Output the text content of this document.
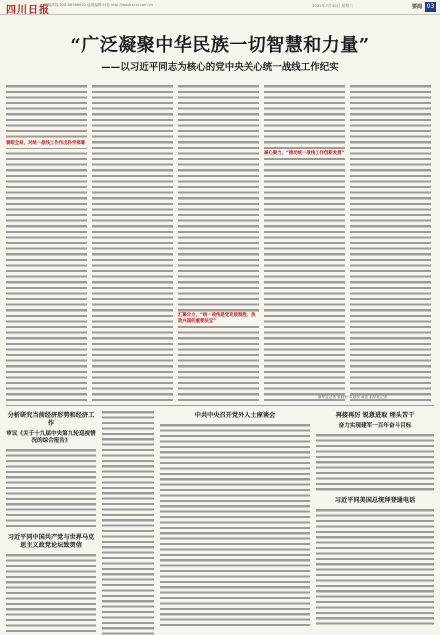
四川日报
新闻热线:028-86968652 值班编辑:付钰 http://www.scol.com.cn	2022年7月30日 星期六	要闻 03
“广泛凝聚中华民族一切智慧和力量”
——以习近平同志为核心的党中央关心统一战线工作纪实
着眼全局，对统一战线工作作出科学部署
汇聚合力，“统一战线是党克敌制胜、执政兴国的重要法宝”
凝心聚力，“推动统一战线工作创新发展”
新华社记者 张晓松 朱基钗 黄垚 新华社记者
分析研究当前经济形势和经济工作
审议《关于十九届中央第九轮巡视情况的综合报告》
习近平同中国共产党与世界马克思主义政党论坛致贺信
中共中央召开党外人士座谈会	再接再厉 锐意进取 埋头苦干
奋力实现建军一百年奋斗目标
习近平同美国总统拜登通电话
